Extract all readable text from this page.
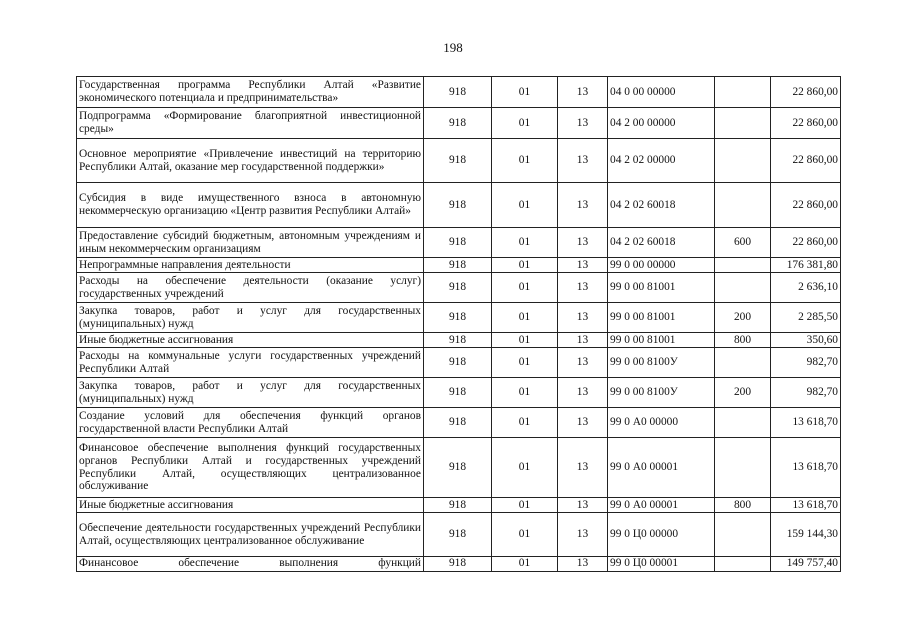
198
Государственная программа Республики Алтай «Развитие экономического потенциала и предпринимательства»	918	01	13	04 0 00 00000		22 860,00
Подпрограмма «Формирование благоприятной инвестиционной среды»	918	01	13	04 2 00 00000		22 860,00
Основное мероприятие «Привлечение инвестиций на территорию Республики Алтай, оказание мер государственной поддержки»	918	01	13	04 2 02 00000		22 860,00
Субсидия в виде имущественного взноса в автономную некоммерческую организацию «Центр развития Республики Алтай»	918	01	13	04 2 02 60018		22 860,00
Предоставление субсидий бюджетным, автономным учреждениям и иным некоммерческим организациям	918	01	13	04 2 02 60018	600	22 860,00
Непрограммные направления деятельности	918	01	13	99 0 00 00000		176 381,80
Расходы на обеспечение деятельности (оказание услуг) государственных учреждений	918	01	13	99 0 00 81001		2 636,10
Закупка товаров, работ и услуг для государственных (муниципальных) нужд	918	01	13	99 0 00 81001	200	2 285,50
Иные бюджетные ассигнования	918	01	13	99 0 00 81001	800	350,60
Расходы на коммунальные услуги государственных учреждений Республики Алтай	918	01	13	99 0 00 8100У		982,70
Закупка товаров, работ и услуг для государственных (муниципальных) нужд	918	01	13	99 0 00 8100У	200	982,70
Создание условий для обеспечения функций органов государственной власти Республики Алтай	918	01	13	99 0 А0 00000		13 618,70
Финансовое обеспечение выполнения функций государственных органов Республики Алтай и государственных учреждений Республики Алтай, осуществляющих централизованное обслуживание	918	01	13	99 0 А0 00001		13 618,70
Иные бюджетные ассигнования	918	01	13	99 0 А0 00001	800	13 618,70
Обеспечение деятельности государственных учреждений Республики Алтай, осуществляющих централизованное обслуживание	918	01	13	99 0 Ц0 00000		159 144,30
Финансовое обеспечение выполнения функций	918	01	13	99 0 Ц0 00001		149 757,40
